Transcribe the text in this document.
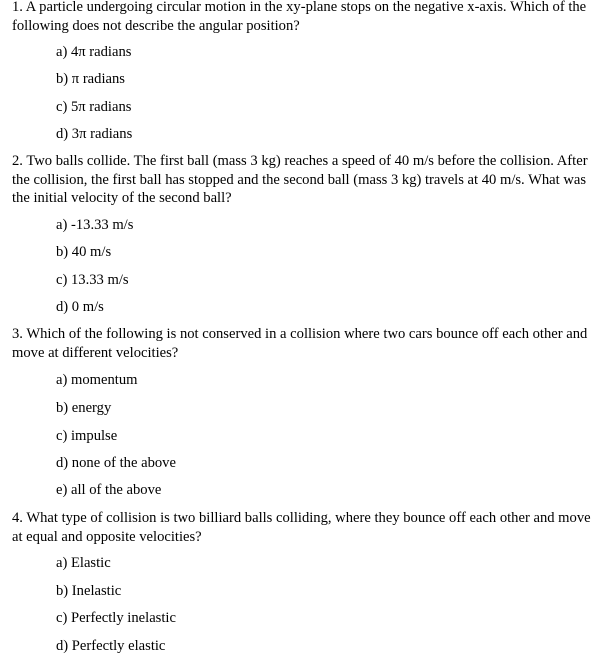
1. A particle undergoing circular motion in the xy-plane stops on the negative x-axis. Which of the following does not describe the angular position?

a) 4π radians
b) π radians
c) 5π radians
d) 3π radians

2. Two balls collide. The first ball (mass 3 kg) reaches a speed of 40 m/s before the collision. After the collision, the first ball has stopped and the second ball (mass 3 kg) travels at 40 m/s. What was the initial velocity of the second ball?

a) -13.33 m/s
b) 40 m/s
c) 13.33 m/s
d) 0 m/s

3. Which of the following is not conserved in a collision where two cars bounce off each other and move at different velocities?

a) momentum
b) energy
c) impulse
d) none of the above
e) all of the above

4. What type of collision is two billiard balls colliding, where they bounce off each other and move at equal and opposite velocities?

a) Elastic
b) Inelastic
c) Perfectly inelastic
d) Perfectly elastic
